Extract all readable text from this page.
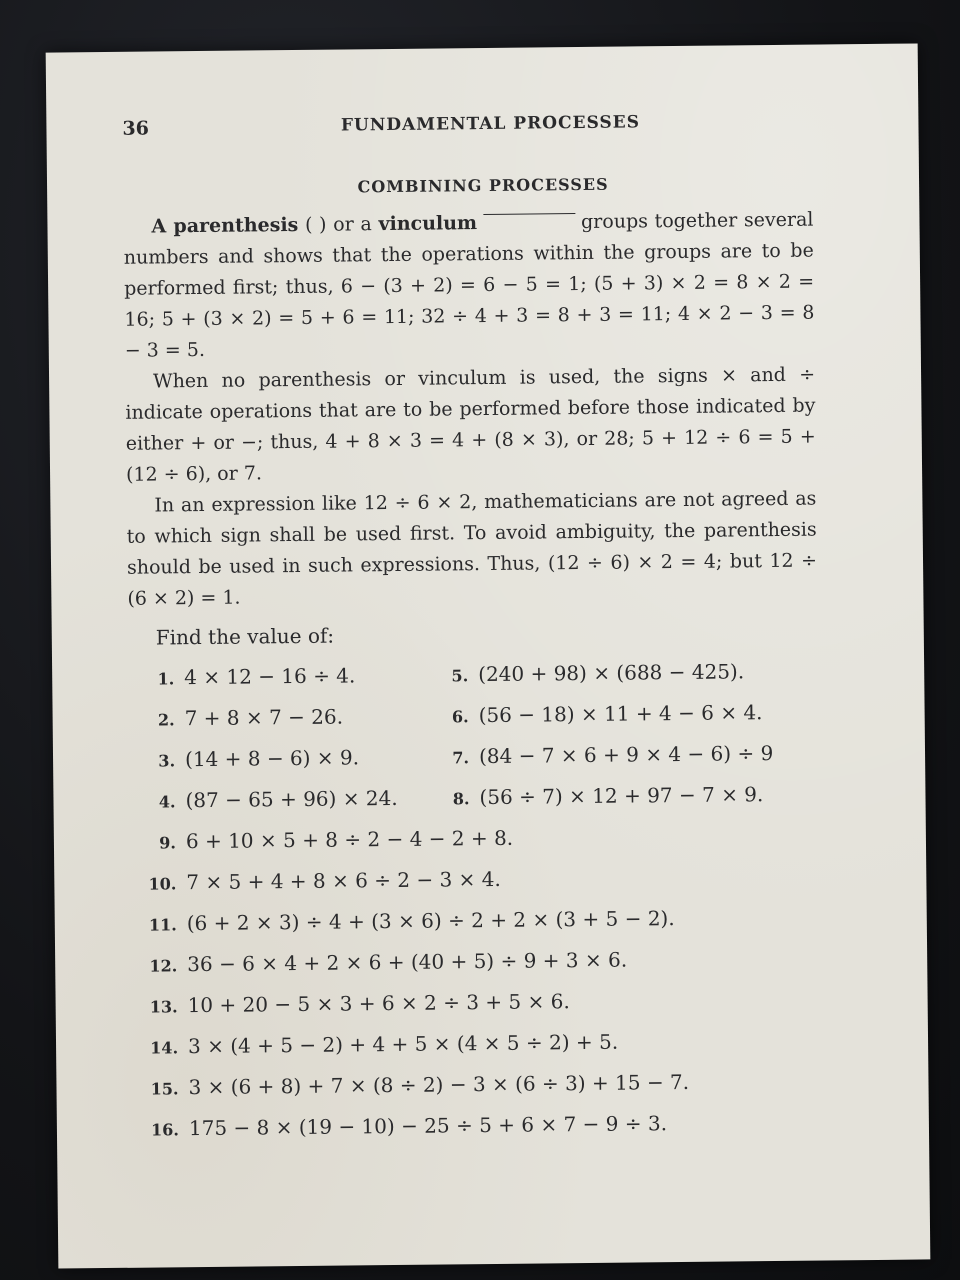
36	FUNDAMENTAL PROCESSES
COMBINING PROCESSES

A parenthesis ( ) or a vinculum	groups together several numbers and shows that the operations within the groups are to be performed first; thus, 6 − (3 + 2) = 6 − 5 = 1; (5 + 3) × 2 = 8 × 2 = 16; 5 + (3 × 2) = 5 + 6 = 11; 32 ÷ 4 + 3 = 8 + 3 = 11; 4 × 2 − 3 = 8 − 3 = 5.

When no parenthesis or vinculum is used, the signs × and ÷ indicate operations that are to be performed before those indicated by either + or −; thus, 4 + 8 × 3 = 4 + (8 × 3), or 28; 5 + 12 ÷ 6 = 5 + (12 ÷ 6), or 7.

In an expression like 12 ÷ 6 × 2, mathematicians are not agreed as to which sign shall be used first. To avoid ambiguity, the parenthesis should be used in such expressions. Thus, (12 ÷ 6) × 2 = 4; but 12 ÷ (6 × 2) = 1.

Find the value of:
1. 4 × 12 − 16 ÷ 4.
2. 7 + 8 × 7 − 26.
3. (14 + 8 − 6) × 9.
4. (87 − 65 + 96) × 24.
5. (240 + 98) × (688 − 425).
6. (56 − 18) × 11 + 4 − 6 × 4.
7. (84 − 7 × 6 + 9 × 4 − 6) ÷ 9
8. (56 ÷ 7) × 12 + 97 − 7 × 9.
9. 6 + 10 × 5 + 8 ÷ 2 − 4 − 2 + 8.
10. 7 × 5 + 4 + 8 × 6 ÷ 2 − 3 × 4.
11. (6 + 2 × 3) ÷ 4 + (3 × 6) ÷ 2 + 2 × (3 + 5 − 2).
12. 36 − 6 × 4 + 2 × 6 + (40 + 5) ÷ 9 + 3 × 6.
13. 10 + 20 − 5 × 3 + 6 × 2 ÷ 3 + 5 × 6.
14. 3 × (4 + 5 − 2) + 4 + 5 × (4 × 5 ÷ 2) + 5.
15. 3 × (6 + 8) + 7 × (8 ÷ 2) − 3 × (6 ÷ 3) + 15 − 7.
16. 175 − 8 × (19 − 10) − 25 ÷ 5 + 6 × 7 − 9 ÷ 3.
